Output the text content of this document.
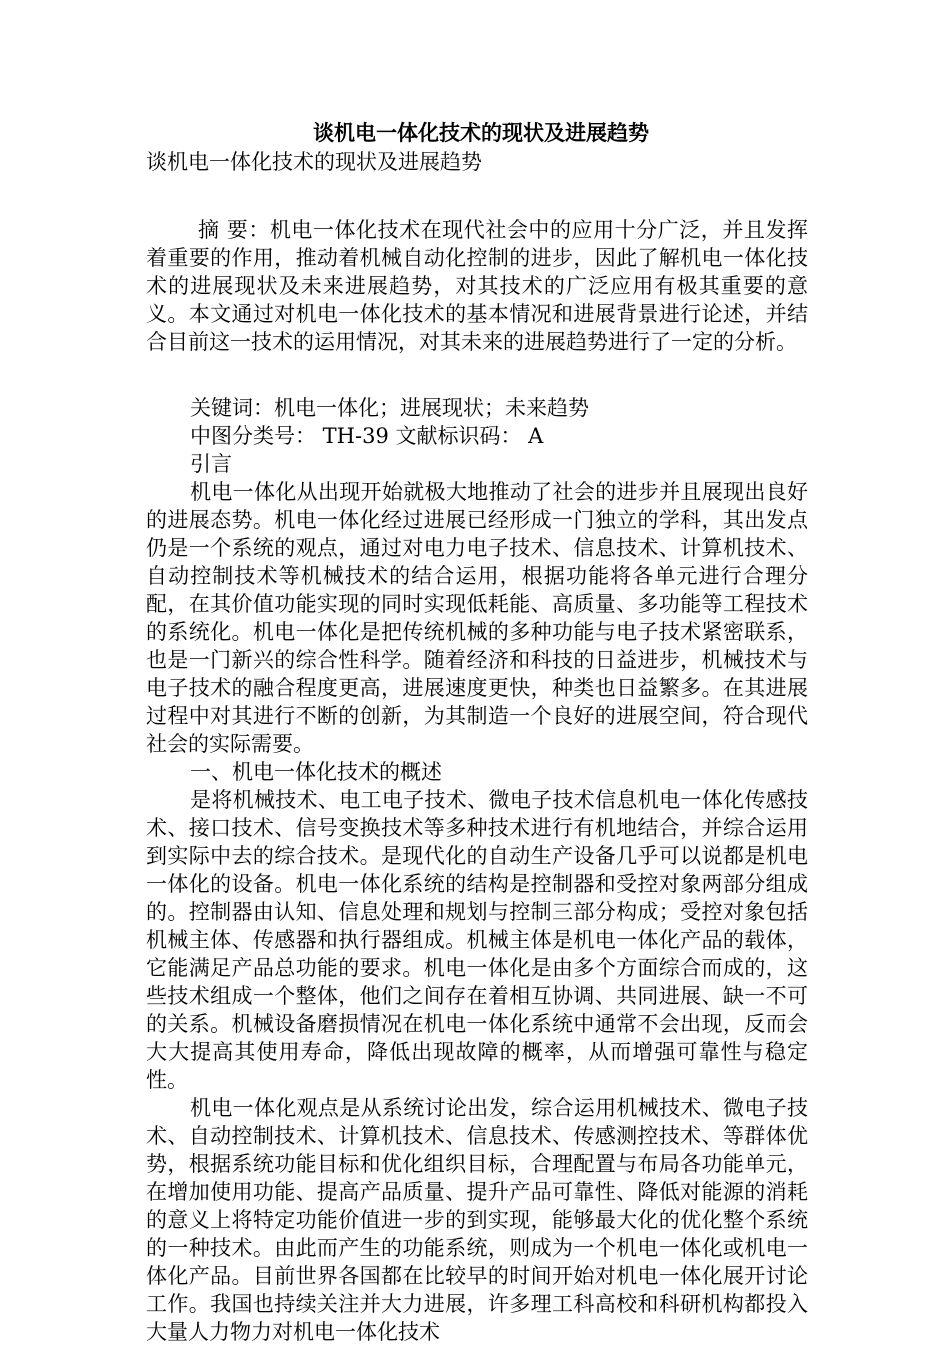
谈机电一体化技术的现状及进展趋势

谈机电一体化技术的现状及进展趋势

摘 要：机电一体化技术在现代社会中的应用十分广泛，并且发挥着重要的作用，推动着机械自动化控制的进步，因此了解机电一体化技术的进展现状及未来进展趋势，对其技术的广泛应用有极其重要的意义。本文通过对机电一体化技术的基本情况和进展背景进行论述，并结合目前这一技术的运用情况，对其未来的进展趋势进行了一定的分析。

关键词：机电一体化；进展现状；未来趋势

中图分类号： TH-39 文献标识码： A

引言

机电一体化从出现开始就极大地推动了社会的进步并且展现出良好的进展态势。机电一体化经过进展已经形成一门独立的学科，其出发点仍是一个系统的观点，通过对电力电子技术、信息技术、计算机技术、自动控制技术等机械技术的结合运用，根据功能将各单元进行合理分配，在其价值功能实现的同时实现低耗能、高质量、多功能等工程技术的系统化。机电一体化是把传统机械的多种功能与电子技术紧密联系，也是一门新兴的综合性科学。随着经济和科技的日益进步，机械技术与电子技术的融合程度更高，进展速度更快，种类也日益繁多。在其进展过程中对其进行不断的创新，为其制造一个良好的进展空间，符合现代社会的实际需要。

一、机电一体化技术的概述

是将机械技术、电工电子技术、微电子技术信息机电一体化传感技术、接口技术、信号变换技术等多种技术进行有机地结合，并综合运用到实际中去的综合技术。是现代化的自动生产设备几乎可以说都是机电一体化的设备。机电一体化系统的结构是控制器和受控对象两部分组成的。控制器由认知、信息处理和规划与控制三部分构成；受控对象包括机械主体、传感器和执行器组成。机械主体是机电一体化产品的载体，它能满足产品总功能的要求。机电一体化是由多个方面综合而成的，这些技术组成一个整体，他们之间存在着相互协调、共同进展、缺一不可的关系。机械设备磨损情况在机电一体化系统中通常不会出现，反而会大大提高其使用寿命，降低出现故障的概率，从而增强可靠性与稳定性。

机电一体化观点是从系统讨论出发，综合运用机械技术、微电子技术、自动控制技术、计算机技术、信息技术、传感测控技术、等群体优势，根据系统功能目标和优化组织目标，合理配置与布局各功能单元，在增加使用功能、提高产品质量、提升产品可靠性、降低对能源的消耗的意义上将特定功能价值进一步的到实现，能够最大化的优化整个系统的一种技术。由此而产生的功能系统，则成为一个机电一体化或机电一体化产品。目前世界各国都在比较早的时间开始对机电一体化展开讨论工作。我国也持续关注并大力进展，许多理工科高校和科研机构都投入大量人力物力对机电一体化技术
